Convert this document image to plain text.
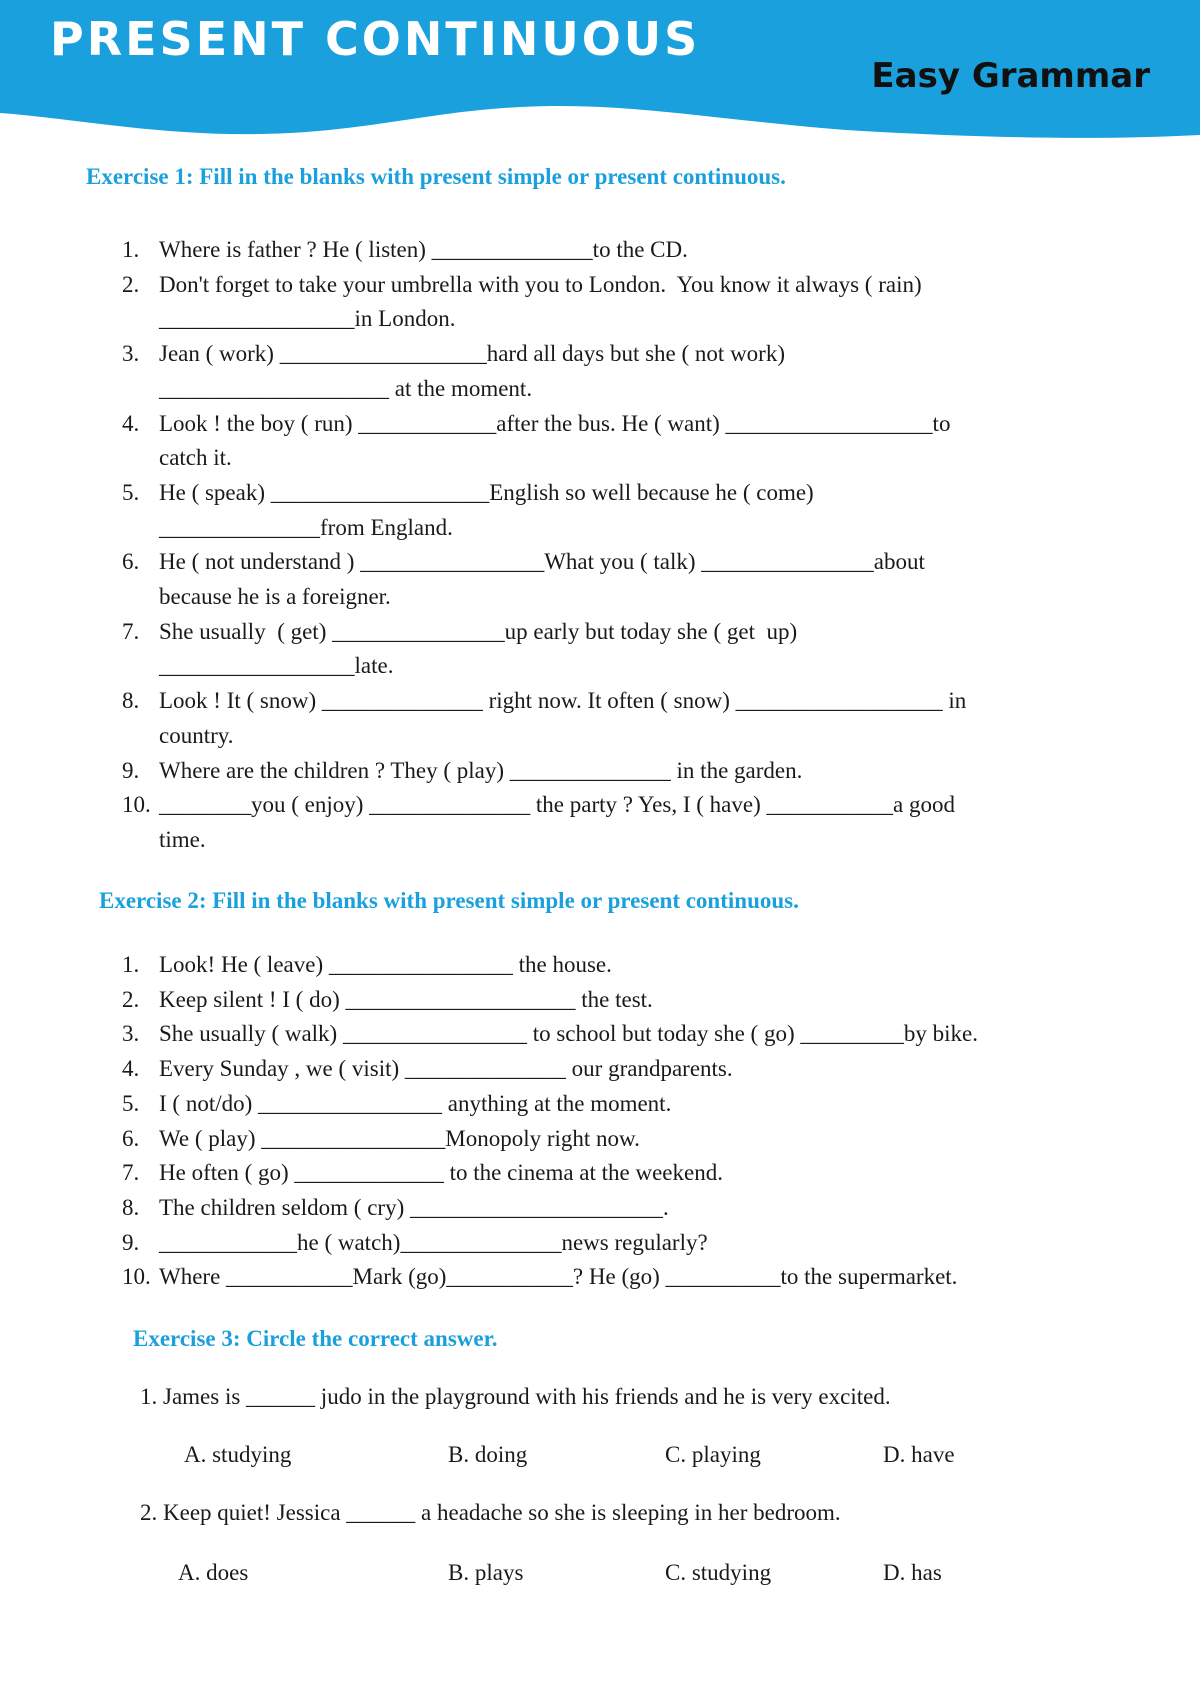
PRESENT CONTINUOUS
Easy Grammar
Exercise 1: Fill in the blanks with present simple or present continuous.
1. Where is father ? He ( listen) ______________to the CD.
2. Don't forget to take your umbrella with you to London.  You know it always ( rain)
_________________in London.
3. Jean ( work) __________________hard all days but she ( not work)
____________________ at the moment.
4. Look ! the boy ( run) ____________after the bus. He ( want) __________________to
catch it.
5. He ( speak) ___________________English so well because he ( come)
______________from England.
6. He ( not understand ) ________________What you ( talk) _______________about
because he is a foreigner.
7. She usually  ( get) _______________up early but today she ( get  up)
_________________late.
8. Look ! It ( snow) ______________ right now. It often ( snow) __________________ in
country.
9. Where are the children ? They ( play) ______________ in the garden.
10. ________you ( enjoy) ______________ the party ? Yes, I ( have) ___________a good
time.
Exercise 2: Fill in the blanks with present simple or present continuous.
1. Look! He ( leave) ________________ the house.
2. Keep silent ! I ( do) ____________________ the test.
3. She usually ( walk) ________________ to school but today she ( go) _________by bike.
4. Every Sunday , we ( visit) ______________ our grandparents.
5. I ( not/do) ________________ anything at the moment.
6. We ( play) ________________Monopoly right now.
7. He often ( go) _____________ to the cinema at the weekend.
8. The children seldom ( cry) ______________________.
9. ____________he ( watch)______________news regularly?
10. Where ___________Mark (go)___________? He (go) __________to the supermarket.
Exercise 3: Circle the correct answer.
1. James is ______ judo in the playground with his friends and he is very excited.
A. studying	B. doing	C. playing	D. have
2. Keep quiet! Jessica ______ a headache so she is sleeping in her bedroom.
A. does	B. plays	C. studying	D. has
